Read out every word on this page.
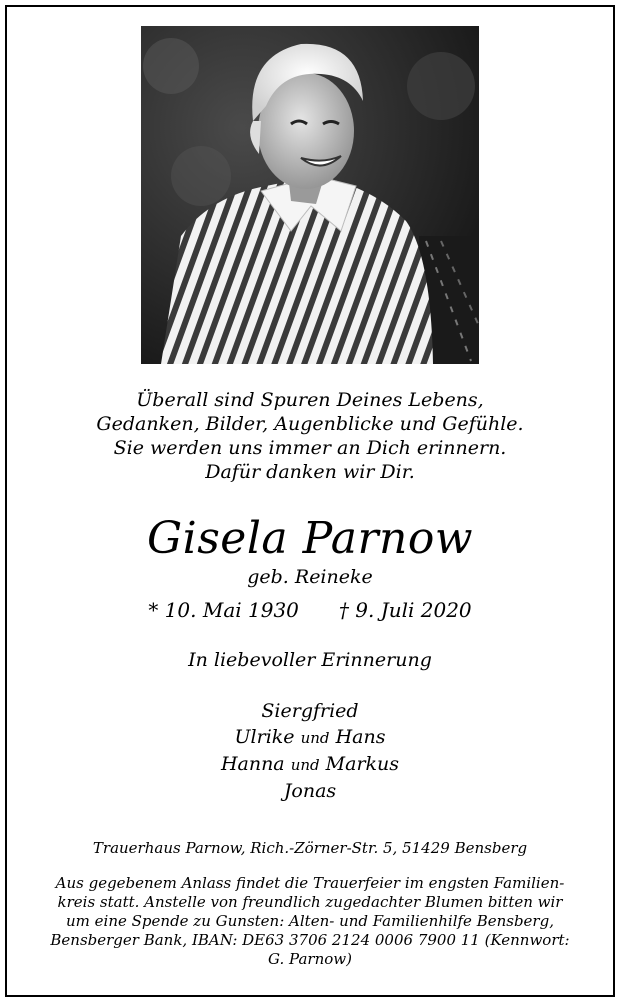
Überall sind Spuren Deines Lebens,
Gedanken, Bilder, Augenblicke und Gefühle.
Sie werden uns immer an Dich erinnern.
Dafür danken wir Dir.
Gisela Parnow
geb. Reineke
* 10. Mai 1930 † 9. Juli 2020
In liebevoller Erinnerung
Siergfried
Ulrike und Hans
Hanna und Markus
Jonas
Trauerhaus Parnow, Rich.-Zörner-Str. 5, 51429 Bensberg
Aus gegebenem Anlass findet die Trauerfeier im engsten Familien-
kreis statt. Anstelle von freundlich zugedachter Blumen bitten wir
um eine Spende zu Gunsten: Alten- und Familienhilfe Bensberg,
Bensberger Bank, IBAN: DE63 3706 2124 0006 7900 11 (Kennwort:
G. Parnow)
